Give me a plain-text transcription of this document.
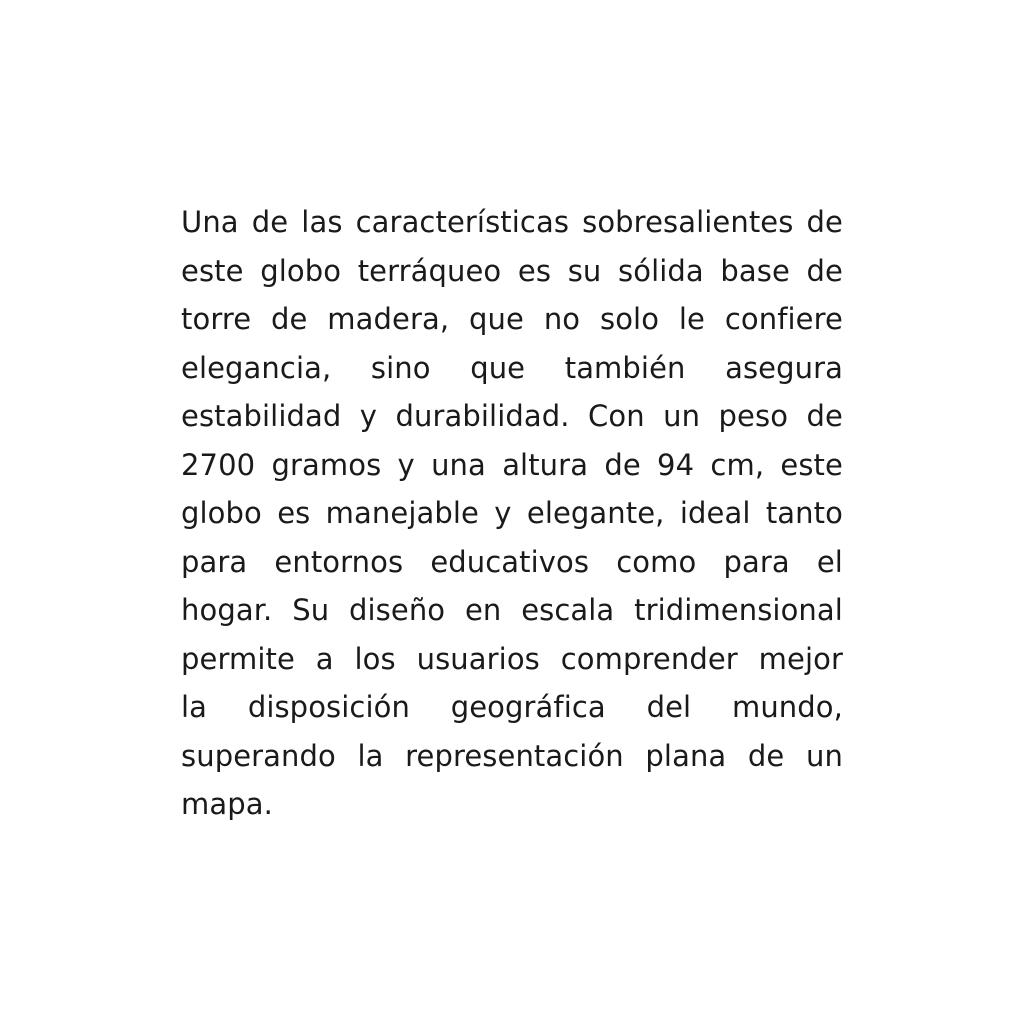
Una de las características sobresalientes de
este globo terráqueo es su sólida base de
torre de madera, que no solo le confiere
elegancia, sino que también asegura
estabilidad y durabilidad. Con un peso de
2700 gramos y una altura de 94 cm, este
globo es manejable y elegante, ideal tanto
para entornos educativos como para el
hogar. Su diseño en escala tridimensional
permite a los usuarios comprender mejor
la disposición geográfica del mundo,
superando la representación plana de un
mapa.
